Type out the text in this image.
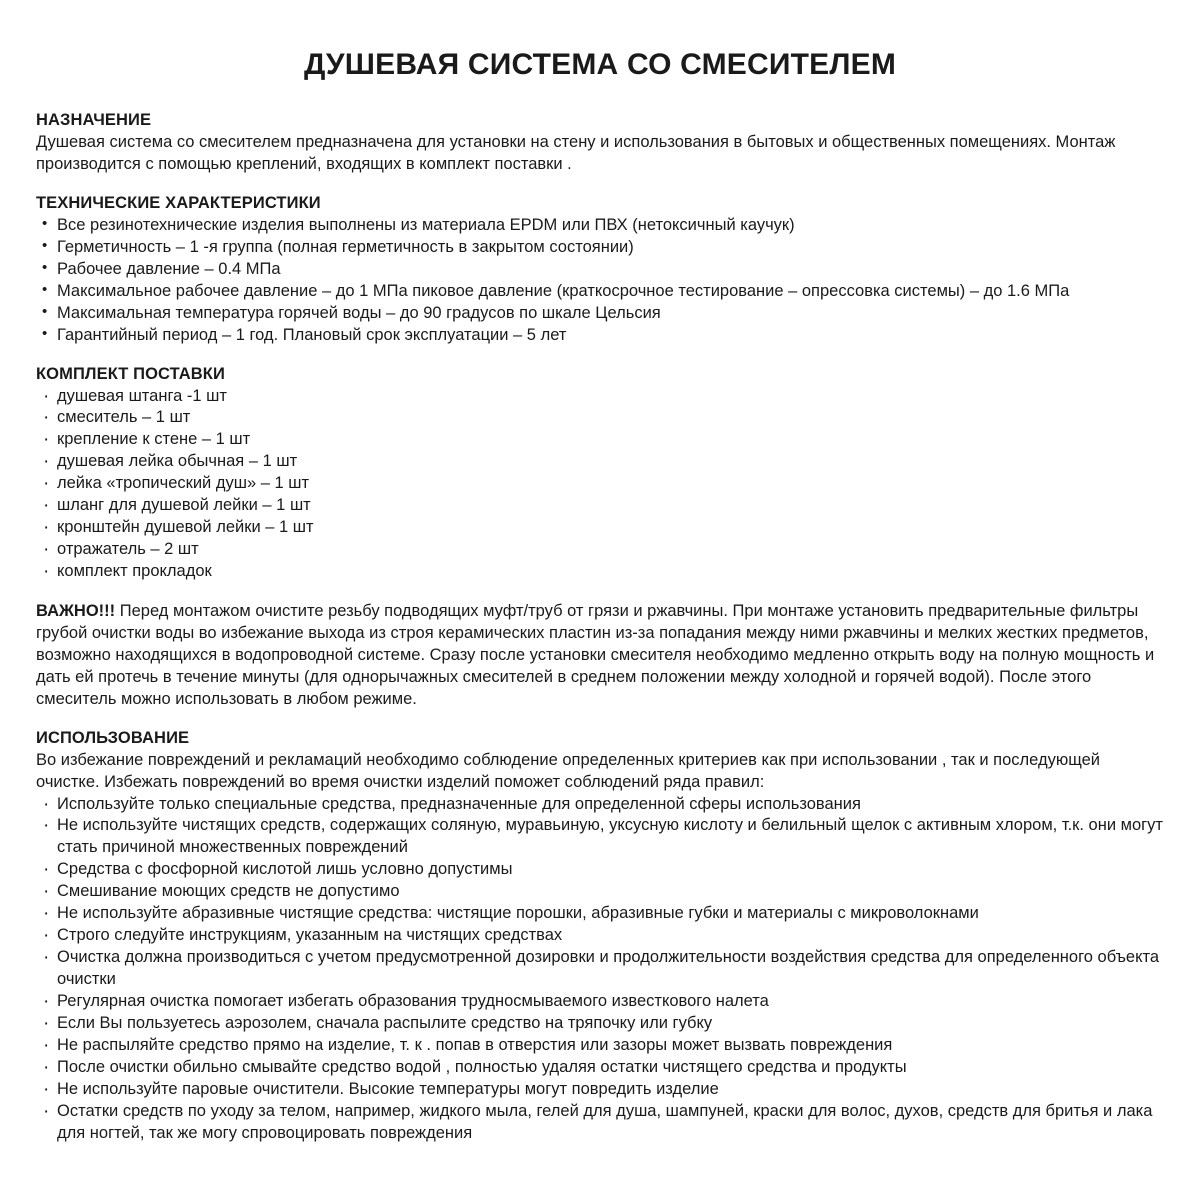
ДУШЕВАЯ СИСТЕМА СО СМЕСИТЕЛЕМ
НАЗНАЧЕНИЕ

Душевая система со смесителем предназначена для установки на стену и использования в бытовых и общественных помещениях. Монтаж производится с помощью креплений, входящих в комплект поставки .

ТЕХНИЧЕСКИЕ ХАРАКТЕРИСТИКИ
• Все резинотехнические изделия выполнены из материала EPDM или ПВХ (нетоксичный каучук)
• Герметичность – 1 -я группа (полная герметичность в закрытом состоянии)
• Рабочее давление – 0.4 МПа
• Максимальное рабочее давление – до 1 МПа пиковое давление (краткосрочное тестирование – опрессовка системы) – до 1.6 МПа
• Максимальная температура горячей воды – до 90 градусов по шкале Цельсия
• Гарантийный период – 1 год. Плановый срок эксплуатации – 5 лет
КОМПЛЕКТ ПОСТАВКИ
· душевая штанга -1 шт
· смеситель – 1 шт
· крепление к стене – 1 шт
· душевая лейка обычная – 1 шт
· лейка «тропический душ» – 1 шт
· шланг для душевой лейки – 1 шт
· кронштейн душевой лейки – 1 шт
· отражатель – 2 шт
· комплект прокладок

ВАЖНО!!! Перед монтажом очистите резьбу подводящих муфт/труб от грязи и ржавчины. При монтаже установить предварительные фильтры грубой очистки воды во избежание выхода из строя керамических пластин из-за попадания между ними ржавчины и мелких жестких предметов, возможно находящихся в водопроводной системе. Сразу после установки смесителя необходимо медленно открыть воду на полную мощность и дать ей протечь в течение минуты (для однорычажных смесителей в среднем положении между холодной и горячей водой). После этого смеситель можно использовать в любом режиме.

ИСПОЛЬЗОВАНИЕ

Во избежание повреждений и рекламаций необходимо соблюдение определенных критериев как при использовании , так и последующей очистке. Избежать повреждений во время очистки изделий поможет соблюдений ряда правил:

· Используйте только специальные средства, предназначенные для определенной сферы использования
· Не используйте чистящих средств, содержащих соляную, муравьиную, уксусную кислоту и белильный щелок с активным хлором, т.к. они могут стать причиной множественных повреждений
· Средства с фосфорной кислотой лишь условно допустимы
· Смешивание моющих средств не допустимо
· Не используйте абразивные чистящие средства: чистящие порошки, абразивные губки и материалы с микроволокнами
· Строго следуйте инструкциям, указанным на чистящих средствах
· Очистка должна производиться с учетом предусмотренной дозировки и продолжительности воздействия средства для определенного объекта очистки
· Регулярная очистка помогает избегать образования трудносмываемого известкового налета
· Если Вы пользуетесь аэрозолем, сначала распылите средство на тряпочку или губку
· Не распыляйте средство прямо на изделие, т. к . попав в отверстия или зазоры может вызвать повреждения
· После очистки обильно смывайте средство водой , полностью удаляя остатки чистящего средства и продукты
· Не используйте паровые очистители. Высокие температуры могут повредить изделие
· Остатки средств по уходу за телом, например, жидкого мыла, гелей для душа, шампуней, краски для волос, духов, средств для бритья и лака для ногтей, так же могу спровоцировать повреждения
